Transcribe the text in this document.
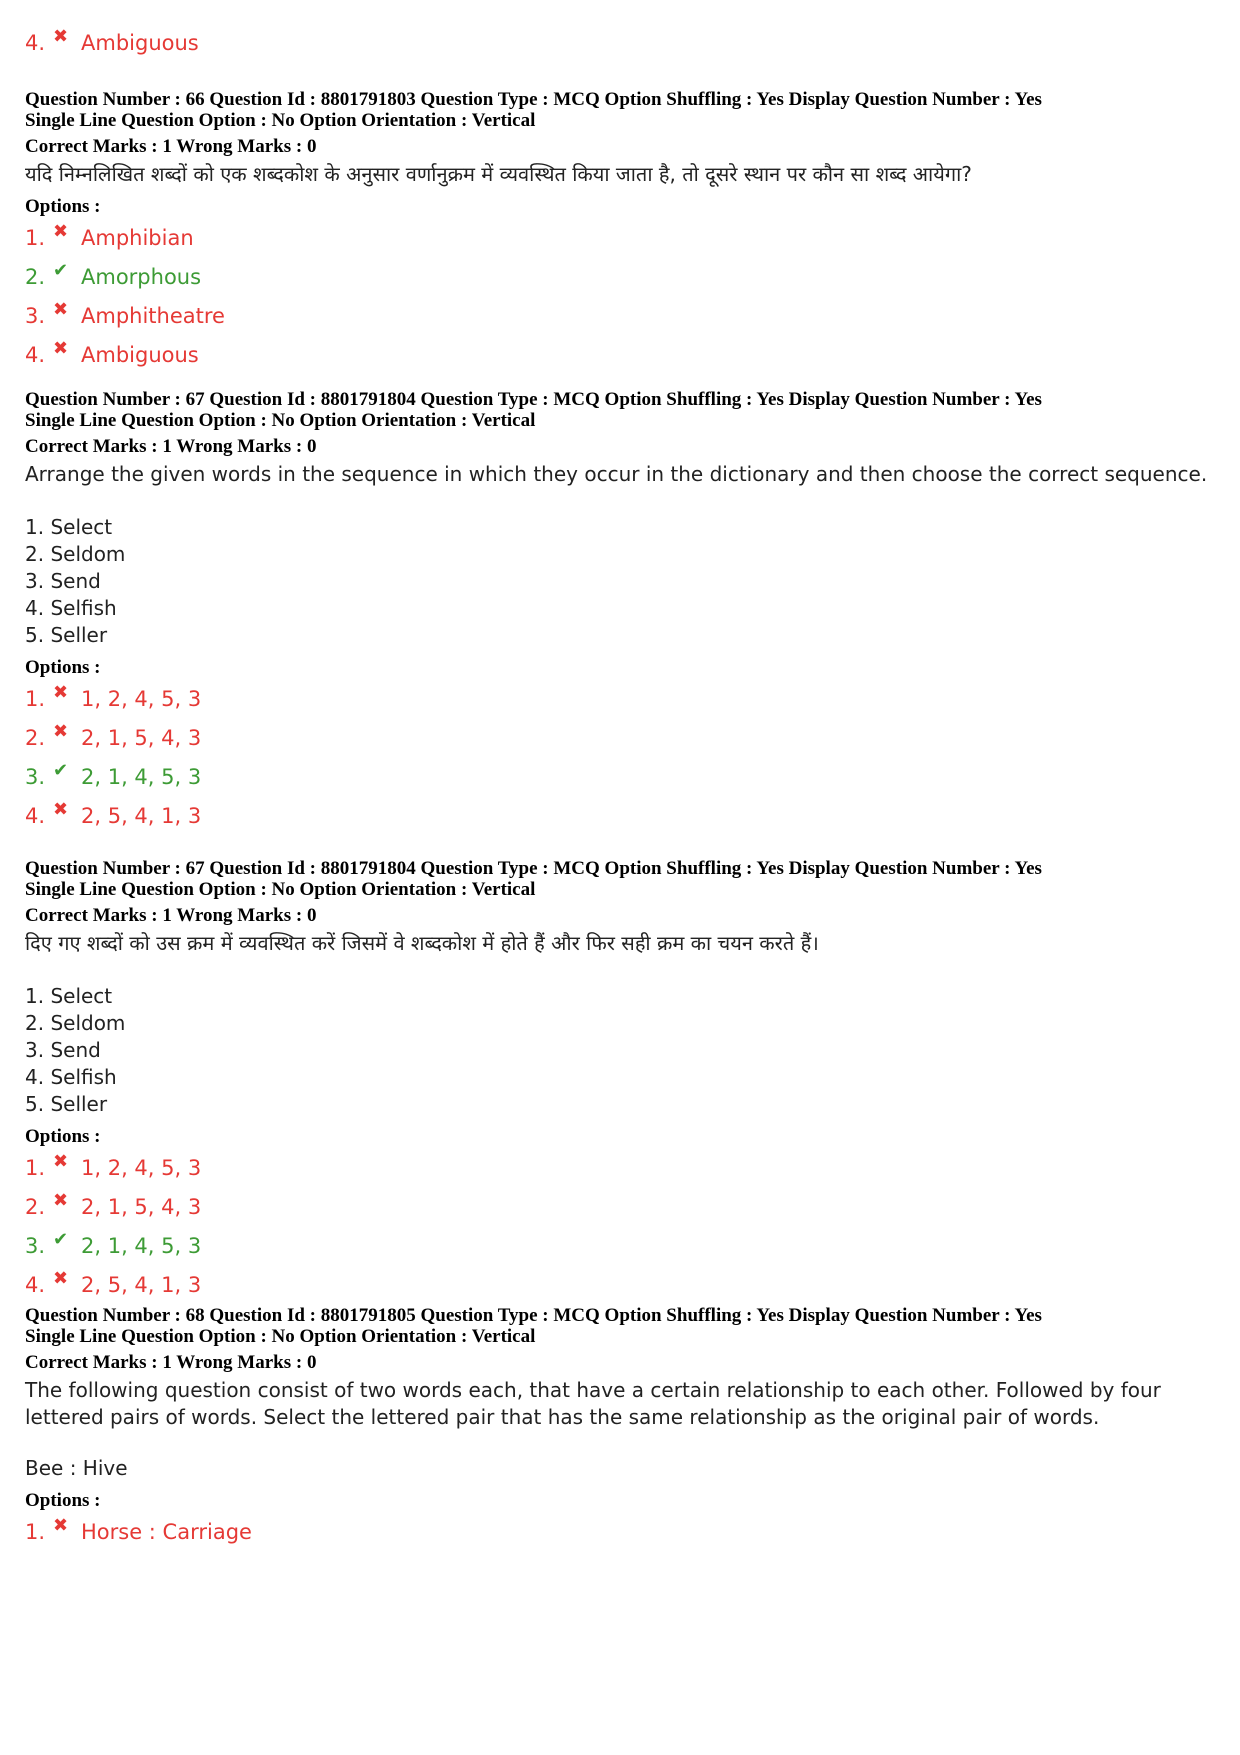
4. ✖ Ambiguous
Question Number : 66 Question Id : 8801791803 Question Type : MCQ Option Shuffling : Yes Display Question Number : Yes
Single Line Question Option : No Option Orientation : Vertical
Correct Marks : 1 Wrong Marks : 0
यदि निम्नलिखित शब्दों को एक शब्दकोश के अनुसार वर्णानुक्रम में व्यवस्थित किया जाता है, तो दूसरे स्थान पर कौन सा शब्द आयेगा?
Options :
1. ✖ Amphibian
2. ✔ Amorphous
3. ✖ Amphitheatre
4. ✖ Ambiguous
Question Number : 67 Question Id : 8801791804 Question Type : MCQ Option Shuffling : Yes Display Question Number : Yes
Single Line Question Option : No Option Orientation : Vertical
Correct Marks : 1 Wrong Marks : 0
Arrange the given words in the sequence in which they occur in the dictionary and then choose the correct sequence.
1. Select
2. Seldom
3. Send
4. Selfish
5. Seller
Options :
1. ✖ 1, 2, 4, 5, 3
2. ✖ 2, 1, 5, 4, 3
3. ✔ 2, 1, 4, 5, 3
4. ✖ 2, 5, 4, 1, 3
Question Number : 67 Question Id : 8801791804 Question Type : MCQ Option Shuffling : Yes Display Question Number : Yes
Single Line Question Option : No Option Orientation : Vertical
Correct Marks : 1 Wrong Marks : 0
दिए गए शब्दों को उस क्रम में व्यवस्थित करें जिसमें वे शब्दकोश में होते हैं और फिर सही क्रम का चयन करते हैं।
1. Select
2. Seldom
3. Send
4. Selfish
5. Seller
Options :
1. ✖ 1, 2, 4, 5, 3
2. ✖ 2, 1, 5, 4, 3
3. ✔ 2, 1, 4, 5, 3
4. ✖ 2, 5, 4, 1, 3
Question Number : 68 Question Id : 8801791805 Question Type : MCQ Option Shuffling : Yes Display Question Number : Yes
Single Line Question Option : No Option Orientation : Vertical
Correct Marks : 1 Wrong Marks : 0
The following question consist of two words each, that have a certain relationship to each other. Followed by four lettered pairs of words. Select the lettered pair that has the same relationship as the original pair of words.
Bee : Hive
Options :
1. ✖ Horse : Carriage
